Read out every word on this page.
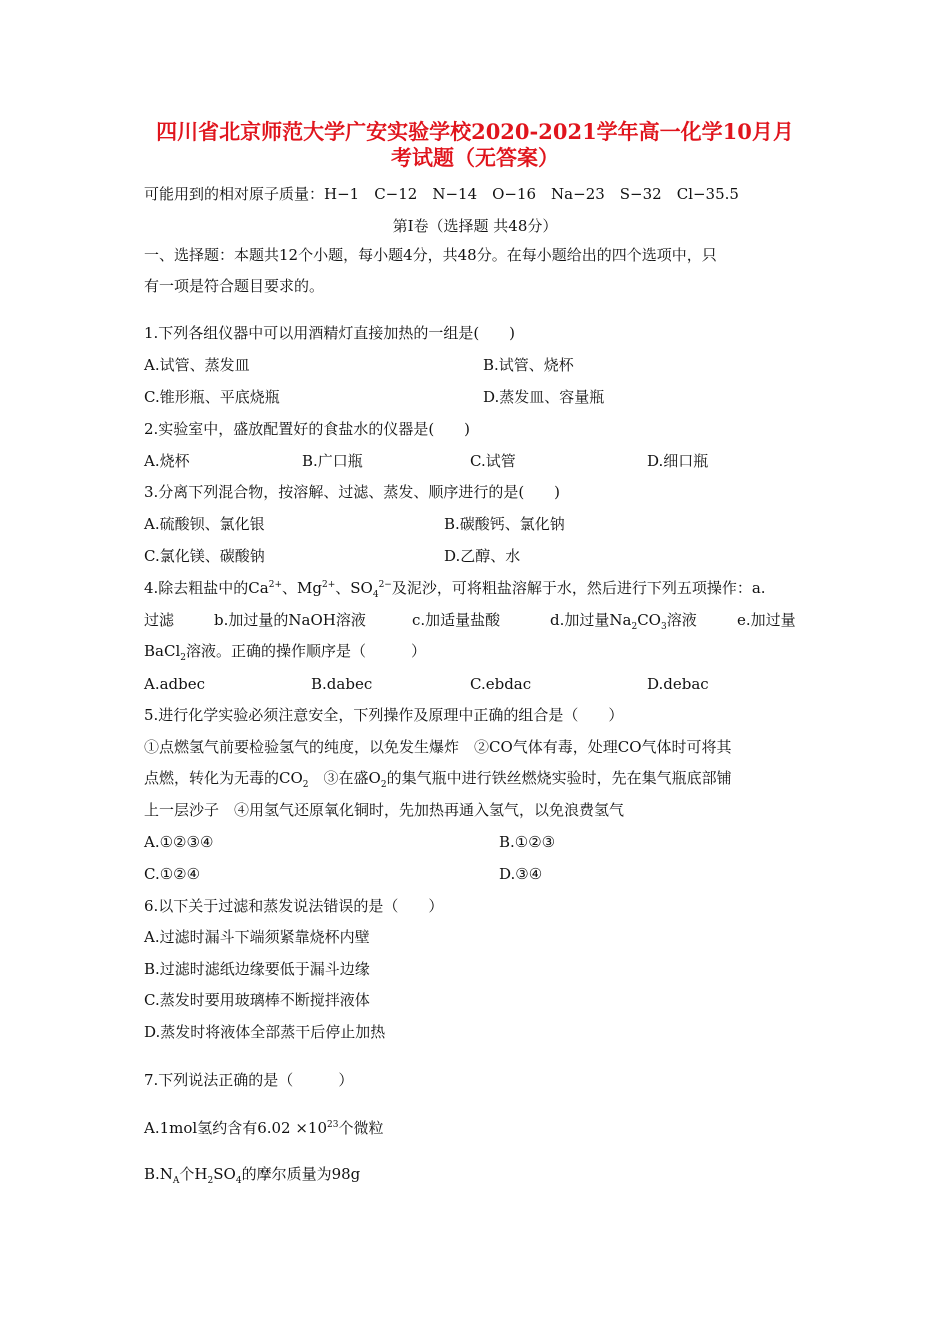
四川省北京师范大学广安实验学校2020-2021学年高一化学10月月
考试题（无答案）
可能用到的相对原子质量：H−1　C−12　N−14　O−16　Na−23　S−32　Cl−35.5
第Ⅰ卷（选择题 共48分）
一、选择题：本题共12个小题，每小题4分，共48分。在每小题给出的四个选项中，只
有一项是符合题目要求的。
1.下列各组仪器中可以用酒精灯直接加热的一组是(　　)
A.试管、蒸发皿	B.试管、烧杯
C.锥形瓶、平底烧瓶	D.蒸发皿、容量瓶
2.实验室中，盛放配置好的食盐水的仪器是(　　)
A.烧杯	B.广口瓶	C.试管	D.细口瓶
3.分离下列混合物，按溶解、过滤、蒸发、顺序进行的是(　　)
A.硫酸钡、氯化银	B.碳酸钙、氯化钠
C.氯化镁、碳酸钠	D.乙醇、水
4.除去粗盐中的$Ca^{2+}$、$Mg^{2+}$、$SO_4^{2-}$及泥沙，可将粗盐溶解于水，然后进行下列五项操作：a.
过滤	b.加过量的NaOH溶液	c.加适量盐酸	d.加过量$Na_2CO_3$溶液	e.加过量
BaCl$_2$溶液。正确的操作顺序是（　　　）
A.adbec	B.dabec	C.ebdac	D.debac
5.进行化学实验必须注意安全，下列操作及原理中正确的组合是（　　）
①点燃氢气前要检验氢气的纯度，以免发生爆炸　②CO气体有毒，处理CO气体时可将其
点燃，转化为无毒的$CO_2$　③在盛$O_2$的集气瓶中进行铁丝燃烧实验时，先在集气瓶底部铺
上一层沙子　④用氢气还原氧化铜时，先加热再通入氢气，以免浪费氢气
A.①②③④	B.①②③
C.①②④	D.③④
6.以下关于过滤和蒸发说法错误的是（　　）
A.过滤时漏斗下端须紧靠烧杯内壁
B.过滤时滤纸边缘要低于漏斗边缘
C.蒸发时要用玻璃棒不断搅拌液体
D.蒸发时将液体全部蒸干后停止加热
7.下列说法正确的是（　　　）
A.1mol氢约含有$6.02 \times 10^{23}$个微粒
$B.N_A$个$H_2SO_4$的摩尔质量为98g
